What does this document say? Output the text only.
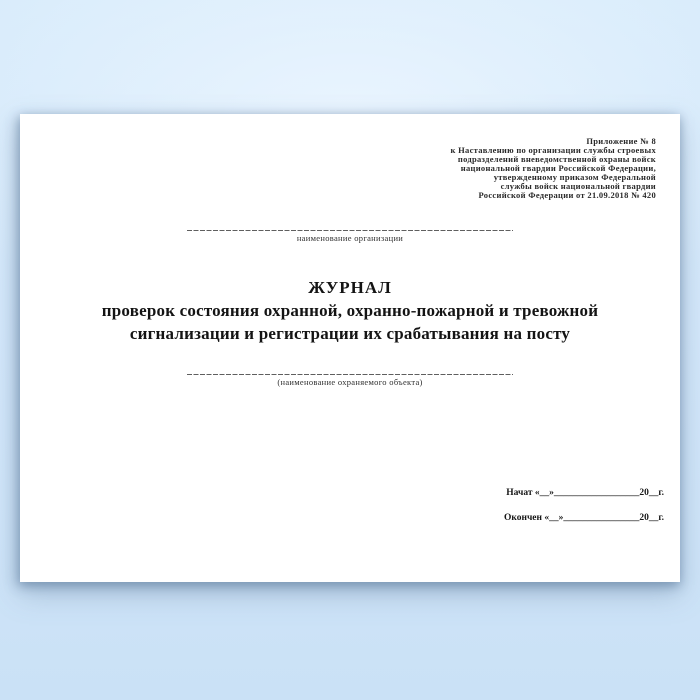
Приложение № 8
к Наставлению по организации службы строевых
подразделений вневедомственной охраны войск
национальной гвардии Российской Федерации,
утвержденному приказом Федеральной
службы войск национальной гвардии
Российской Федерации от 21.09.2018 № 420
наименование организации
ЖУРНАЛ
проверок состояния охранной, охранно-пожарной и тревожной
сигнализации и регистрации их срабатывания на посту
(наименование охраняемого объекта)
Начат «__»__________________20__г.
Окончен «__»________________20__г.
